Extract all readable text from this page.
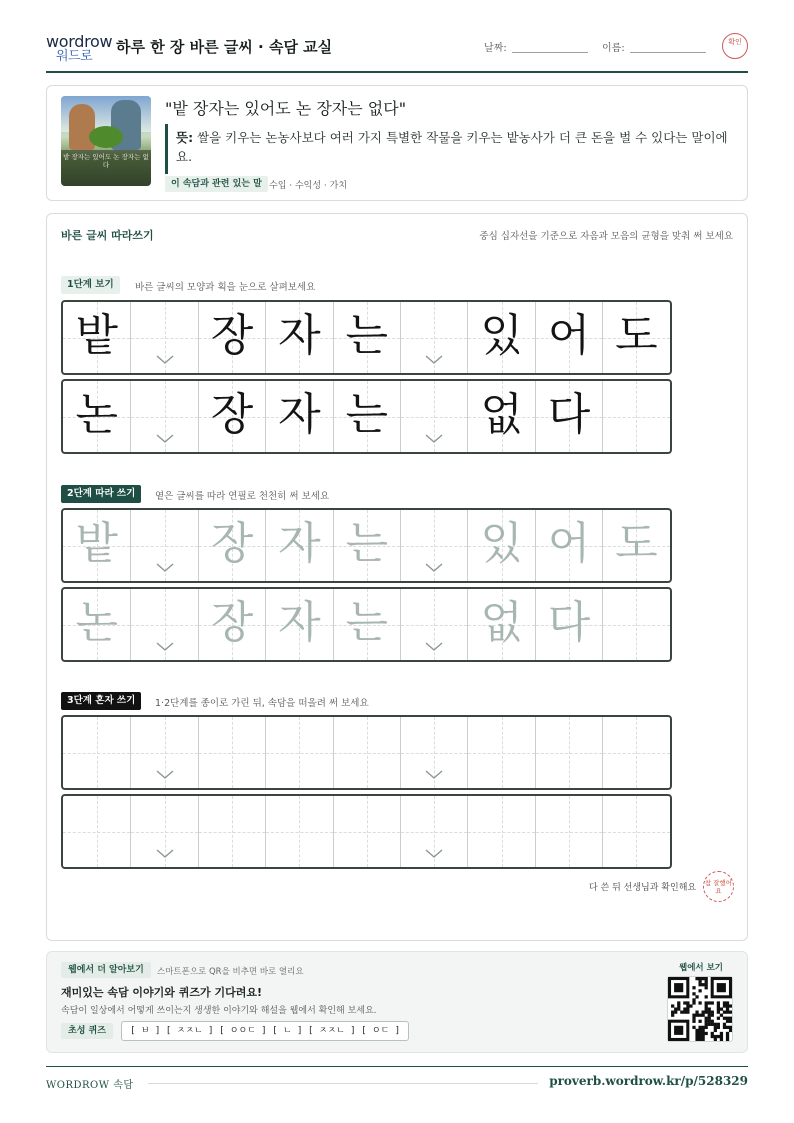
wordrow
워드로
하루 한 장 바른 글씨 · 속담 교실	날짜:	이름:
확인
밭 장자는 있어도 논 장자는 없다
"밭 장자는 있어도 논 장자는 없다"
뜻: 쌀을 키우는 논농사보다 여러 가지 특별한 작물을 키우는 밭농사가 더 큰 돈을 벌 수 있다는 말이에요.
이 속담과 관련 있는 말 수입 · 수익성 · 가치
바른 글씨 따라쓰기	중심 십자선을 기준으로 자음과 모음의 균형을 맞춰 써 보세요
1단계 보기	바른 글씨의 모양과 획을 눈으로 살펴보세요
밭 장 자 는 있 어 도
논 장 자 는 없 다
2단계 따라 쓰기	옅은 글씨를 따라 연필로 천천히 써 보세요
밭 장 자 는 있 어 도
논 장 자 는 없 다
3단계 혼자 쓰기	1·2단계를 종이로 가린 뒤, 속담을 떠올려 써 보세요
다 쓴 뒤 선생님과 확인해요 참 잘했어요
웹에서 더 알아보기	스마트폰으로 QR을 비추면 바로 열리요
재미있는 속담 이야기와 퀴즈가 기다려요!
속담이 일상에서 어떻게 쓰이는지 생생한 이야기와 해설을 웹에서 확인해 보세요.
초성 퀴즈	[ ㅂ ] [ ㅈㅈㄴ ] [ ㅇㅇㄷ ] [ ㄴ ] [ ㅈㅈㄴ ] [ ㅇㄷ ]
웹에서 보기
WORDROW 속담	proverb.wordrow.kr/p/528329
